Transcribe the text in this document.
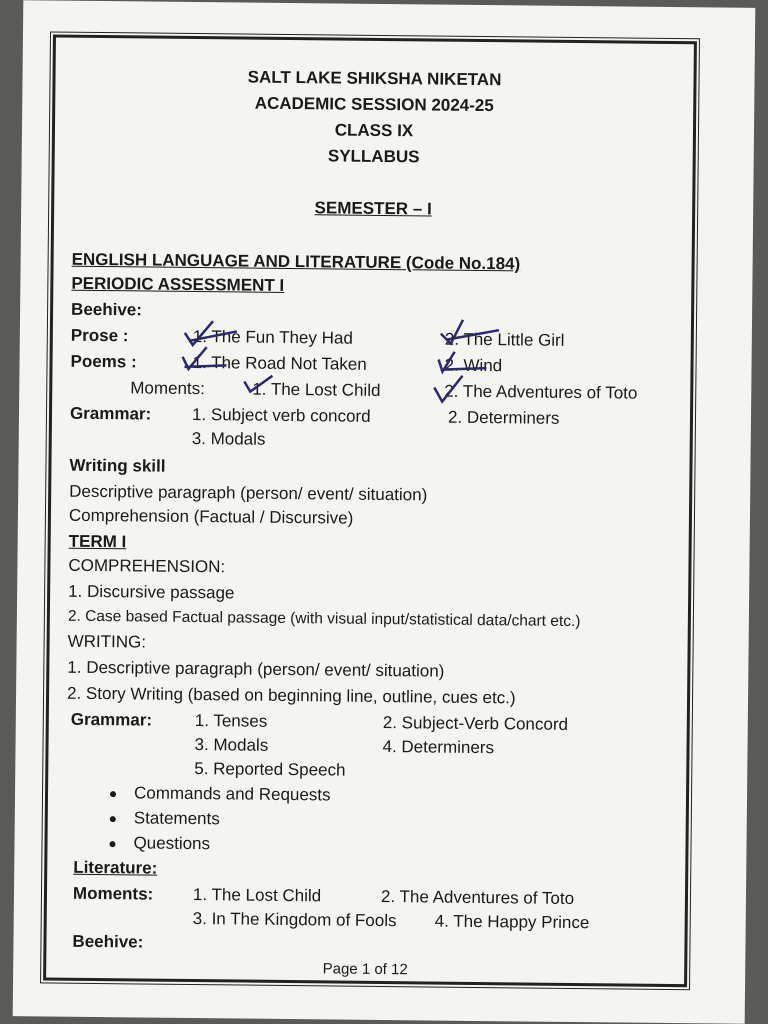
SALT LAKE SHIKSHA NIKETAN
ACADEMIC SESSION 2024-25
CLASS IX
SYLLABUS
SEMESTER – I
ENGLISH LANGUAGE AND LITERATURE (Code No.184)
PERIODIC ASSESSMENT I
Beehive:
Prose :	1. The Fun They Had	2. The Little Girl
Poems :	1. The Road Not Taken	2. Wind
Moments:	1. The Lost Child	2. The Adventures of Toto
Grammar: 1. Subject verb concord	2. Determiners
3. Modals
Writing skill
Descriptive paragraph (person/ event/ situation)
Comprehension (Factual / Discursive)
TERM I
COMPREHENSION:
1. Discursive passage
2. Case based Factual passage (with visual input/statistical data/chart etc.)
WRITING:
1. Descriptive paragraph (person/ event/ situation)
2. Story Writing (based on beginning line, outline, cues etc.)
Grammar:	1. Tenses	2. Subject-Verb Concord
3. Modals	4. Determiners
5. Reported Speech
Commands and Requests
Statements
Questions
Literature:
Moments: 1. The Lost Child	2. The Adventures of Toto
3. In The Kingdom of Fools 4. The Happy Prince
Beehive:
Page 1 of 12
